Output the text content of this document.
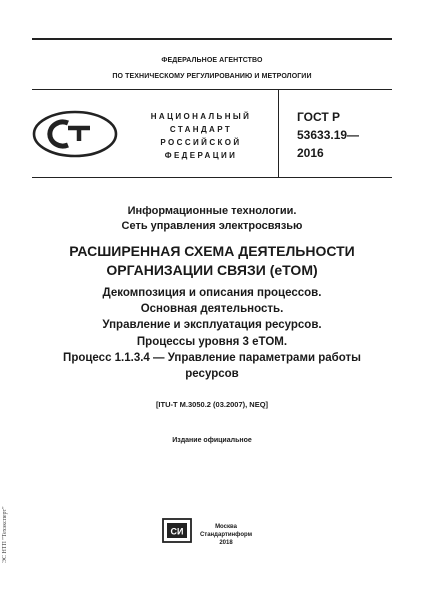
ФЕДЕРАЛЬНОЕ АГЕНТСТВО
ПО ТЕХНИЧЕСКОМУ РЕГУЛИРОВАНИЮ И МЕТРОЛОГИИ
НАЦИОНАЛЬНЫЙ
СТАНДАРТ
РОССИЙСКОЙ
ФЕДЕРАЦИИ
ГОСТ Р
53633.19—
2016
Информационные технологии.
Сеть управления электросвязью
РАСШИРЕННАЯ СХЕМА ДЕЯТЕЛЬНОСТИ
ОРГАНИЗАЦИИ СВЯЗИ (eTOM)
Декомпозиция и описания процессов.
Основная деятельность.
Управление и эксплуатация ресурсов.
Процессы уровня 3 eTOM.
Процесс 1.1.3.4 — Управление параметрами работы
ресурсов
[ITU-T M.3050.2 (03.2007), NEQ]
Издание официальное
СИ	Москва
Стандартинформ
2018
ЭС НТП "Техэксперт"
